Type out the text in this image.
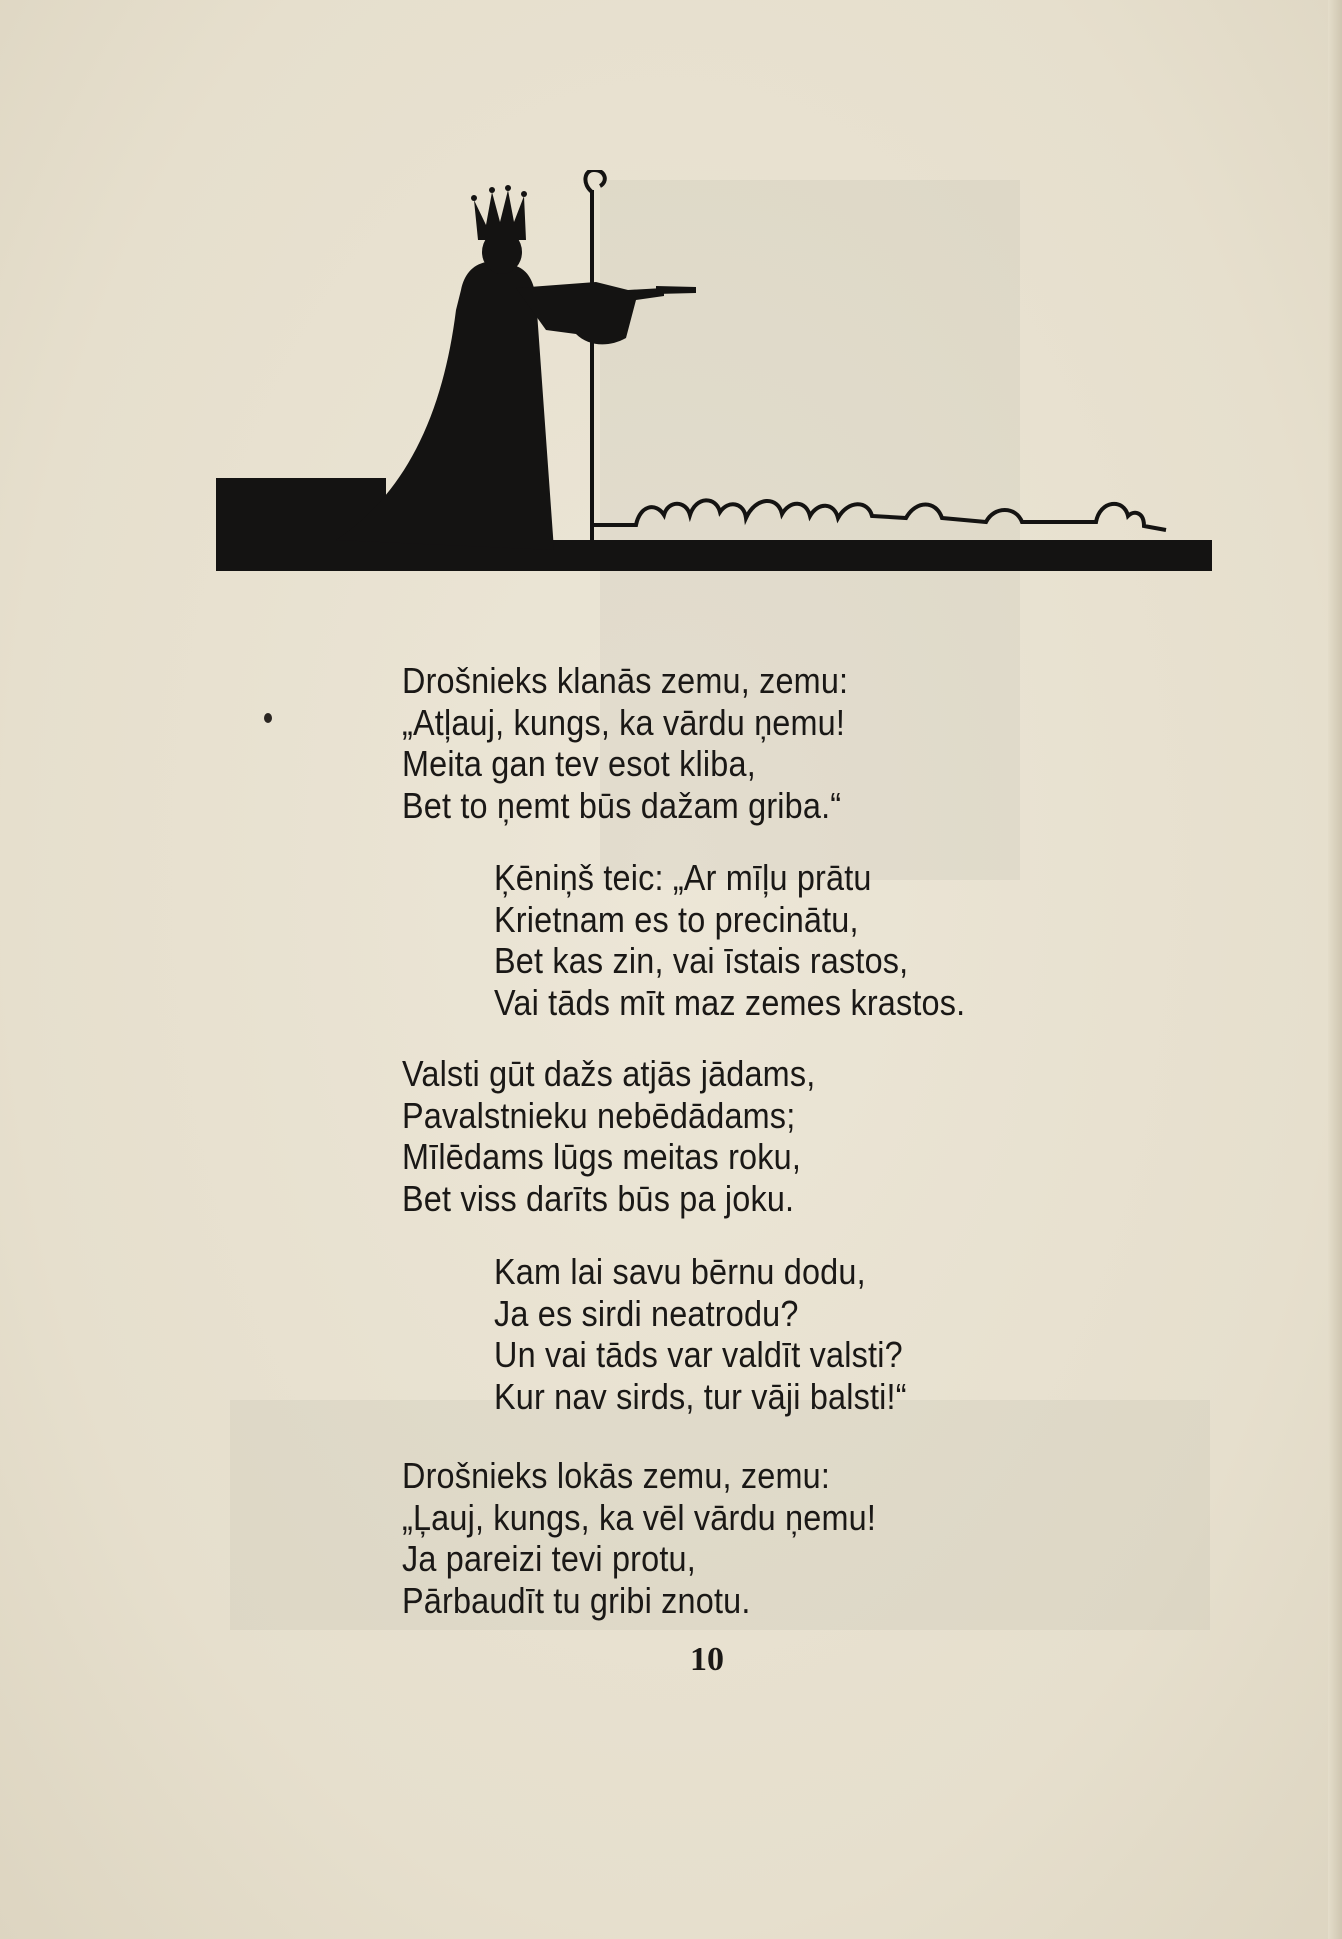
Drošnieks klanās zemu, zemu:
„Atļauj, kungs, ka vārdu ņemu!
Meita gan tev esot kliba,
Bet to ņemt būs dažam griba.“
Ķēniņš teic: „Ar mīļu prātu
Krietnam es to precinātu,
Bet kas zin, vai īstais rastos,
Vai tāds mīt maz zemes krastos.
Valsti gūt dažs atjās jādams,
Pavalstnieku nebēdādams;
Mīlēdams lūgs meitas roku,
Bet viss darīts būs pa joku.
Kam lai savu bērnu dodu,
Ja es sirdi neatrodu?
Un vai tāds var valdīt valsti?
Kur nav sirds, tur vāji balsti!“
Drošnieks lokās zemu, zemu:
„Ļauj, kungs, ka vēl vārdu ņemu!
Ja pareizi tevi protu,
Pārbaudīt tu gribi znotu.
10
